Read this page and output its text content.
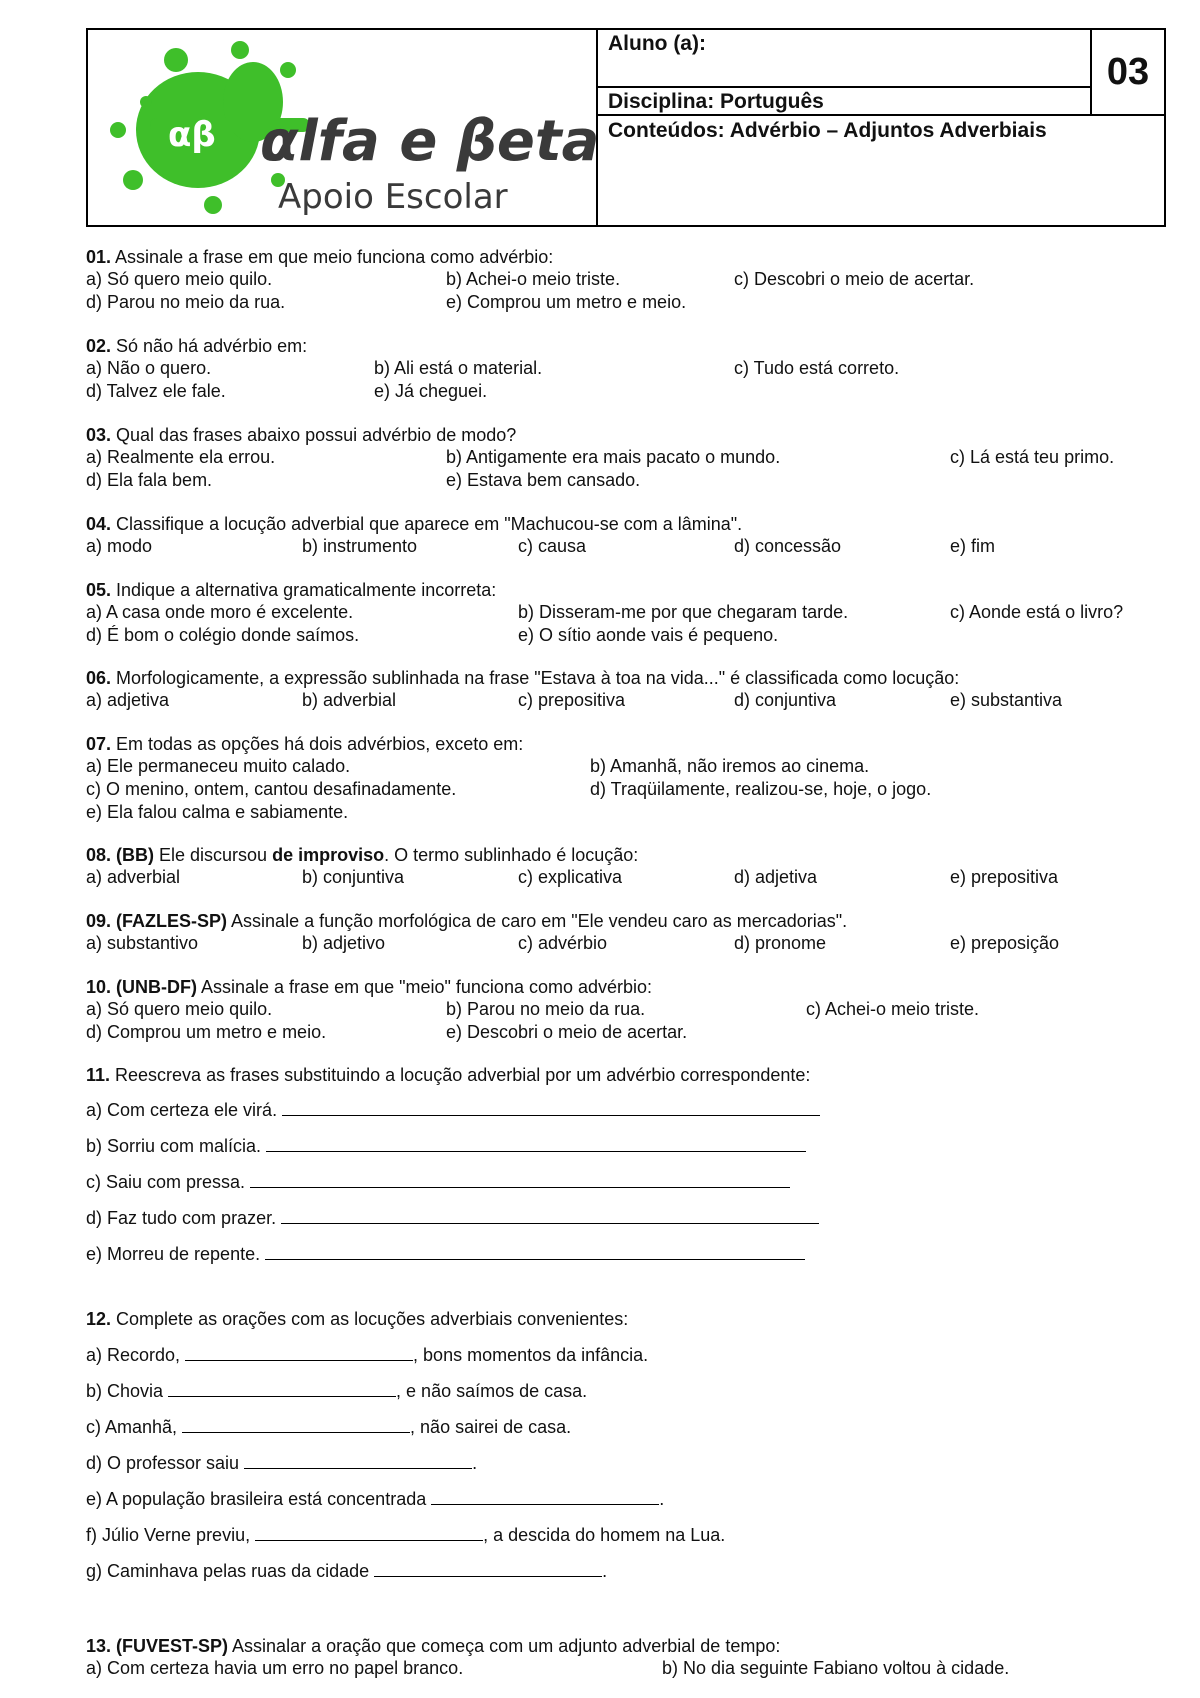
αβ αlfa e βeta
Apoio Escolar
Aluno (a):
Disciplina: Português
03
Conteúdos: Advérbio – Adjuntos Adverbiais

01. Assinale a frase em que meio funciona como advérbio:

a) Só quero meio quilo.	b) Achei-o meio triste.	c) Descobri o meio de acertar.
d) Parou no meio da rua.	e) Comprou um metro e meio.

02. Só não há advérbio em:

a) Não o quero.	b) Ali está o material.	c) Tudo está correto.
d) Talvez ele fale.	e) Já cheguei.

03. Qual das frases abaixo possui advérbio de modo?

a) Realmente ela errou.	b) Antigamente era mais pacato o mundo.	c) Lá está teu primo.
d) Ela fala bem.	e) Estava bem cansado.

04. Classifique a locução adverbial que aparece em "Machucou-se com a lâmina".

a) modo	b) instrumento	c) causa	d) concessão	e) fim

05. Indique a alternativa gramaticalmente incorreta:

a) A casa onde moro é excelente.	b) Disseram-me por que chegaram tarde.	c) Aonde está o livro?
d) É bom o colégio donde saímos.	e) O sítio aonde vais é pequeno.

06. Morfologicamente, a expressão sublinhada na frase "Estava à toa na vida..." é classificada como locução:

a) adjetiva	b) adverbial	c) prepositiva	d) conjuntiva	e) substantiva

07. Em todas as opções há dois advérbios, exceto em:

a) Ele permaneceu muito calado.	b) Amanhã, não iremos ao cinema.
c) O menino, ontem, cantou desafinadamente.	d) Traqüilamente, realizou-se, hoje, o jogo.
e) Ela falou calma e sabiamente.

08. (BB) Ele discursou de improviso. O termo sublinhado é locução:

a) adverbial	b) conjuntiva	c) explicativa	d) adjetiva	e) prepositiva

09. (FAZLES-SP) Assinale a função morfológica de caro em "Ele vendeu caro as mercadorias".

a) substantivo	b) adjetivo	c) advérbio	d) pronome	e) preposição

10. (UNB-DF) Assinale a frase em que "meio" funciona como advérbio:

a) Só quero meio quilo.	b) Parou no meio da rua.	c) Achei-o meio triste.
d) Comprou um metro e meio.	e) Descobri o meio de acertar.

11. Reescreva as frases substituindo a locução adverbial por um advérbio correspondente:

a) Com certeza ele virá.

b) Sorriu com malícia.

c) Saiu com pressa.

d) Faz tudo com prazer.

e) Morreu de repente.

12. Complete as orações com as locuções adverbiais convenientes:

a) Recordo,	, bons momentos da infância.

b) Chovia	, e não saímos de casa.

c) Amanhã,	, não sairei de casa.

d) O professor saiu	.

e) A população brasileira está concentrada	.

f) Júlio Verne previu,	, a descida do homem na Lua.

g) Caminhava pelas ruas da cidade	.

13. (FUVEST-SP) Assinalar a oração que começa com um adjunto adverbial de tempo:

a) Com certeza havia um erro no papel branco.	b) No dia seguinte Fabiano voltou à cidade.
